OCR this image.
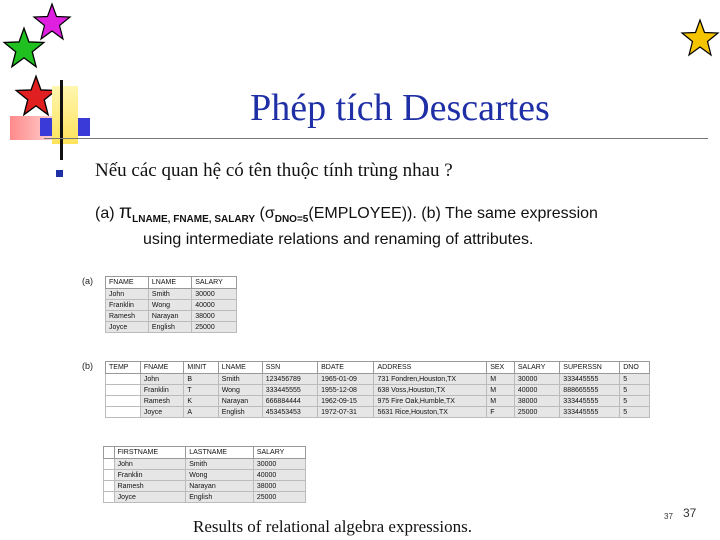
Phép tích Descartes
Nếu các quan hệ có tên thuộc tính trùng nhau ?
(a) $\pi_{LNAME, FNAME, SALARY}$ $(\sigma_{DNO=5}(EMPLOYEE))$. (b) The same expression
using intermediate relations and renaming of attributes.
(a)
(b)
FNAME	LNAME	SALARY
John	Smith	30000
Franklin	Wong	40000
Ramesh	Narayan	38000
Joyce	English	25000
TEMP	FNAME	MINIT	LNAME	SSN	BDATE	ADDRESS	SEX	SALARY	SUPERSSN	DNO
	John	B	Smith	123456789	1965-01-09	731 Fondren,Houston,TX	M	30000	333445555	5
	Franklin	T	Wong	333445555	1955-12-08	638 Voss,Houston,TX	M	40000	888665555	5
	Ramesh	K	Narayan	666884444	1962-09-15	975 Fire Oak,Humble,TX	M	38000	333445555	5
	Joyce	A	English	453453453	1972-07-31	5631 Rice,Houston,TX	F	25000	333445555	5
	FIRSTNAME	LASTNAME	SALARY
	John	Smith	30000
	Franklin	Wong	40000
	Ramesh	Narayan	38000
	Joyce	English	25000
Results of relational algebra expressions.
37 37
